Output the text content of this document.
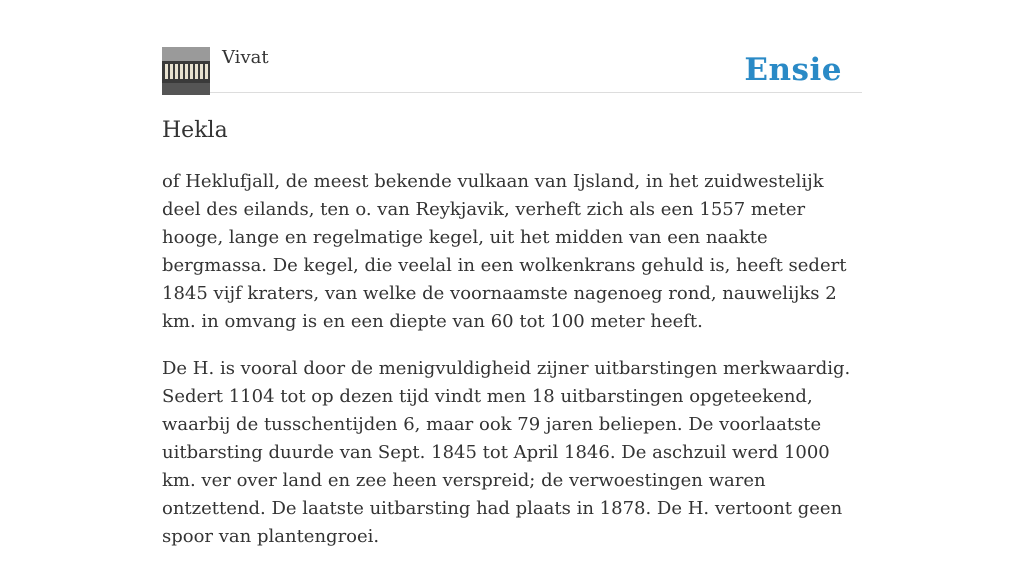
Vivat	Ensie
Hekla

of Heklufjall, de meest bekende vulkaan van Ijsland, in het zuidwestelijk deel des eilands, ten o. van Reykjavik, verheft zich als een 1557 meter hooge, lange en regelmatige kegel, uit het midden van een naakte bergmassa. De kegel, die veelal in een wolkenkrans gehuld is, heeft sedert 1845 vijf kraters, van welke de voornaamste nagenoeg rond, nauwelijks 2 km. in omvang is en een diepte van 60 tot 100 meter heeft.

De H. is vooral door de menigvuldigheid zijner uitbarstingen merkwaardig. Sedert 1104 tot op dezen tijd vindt men 18 uitbarstingen opgeteekend, waarbij de tusschentijden 6, maar ook 79 jaren beliepen. De voorlaatste uitbarsting duurde van Sept. 1845 tot April 1846. De aschzuil werd 1000 km. ver over land en zee heen verspreid; de verwoestingen waren ontzettend. De laatste uitbarsting had plaats in 1878. De H. vertoont geen spoor van plantengroei.
